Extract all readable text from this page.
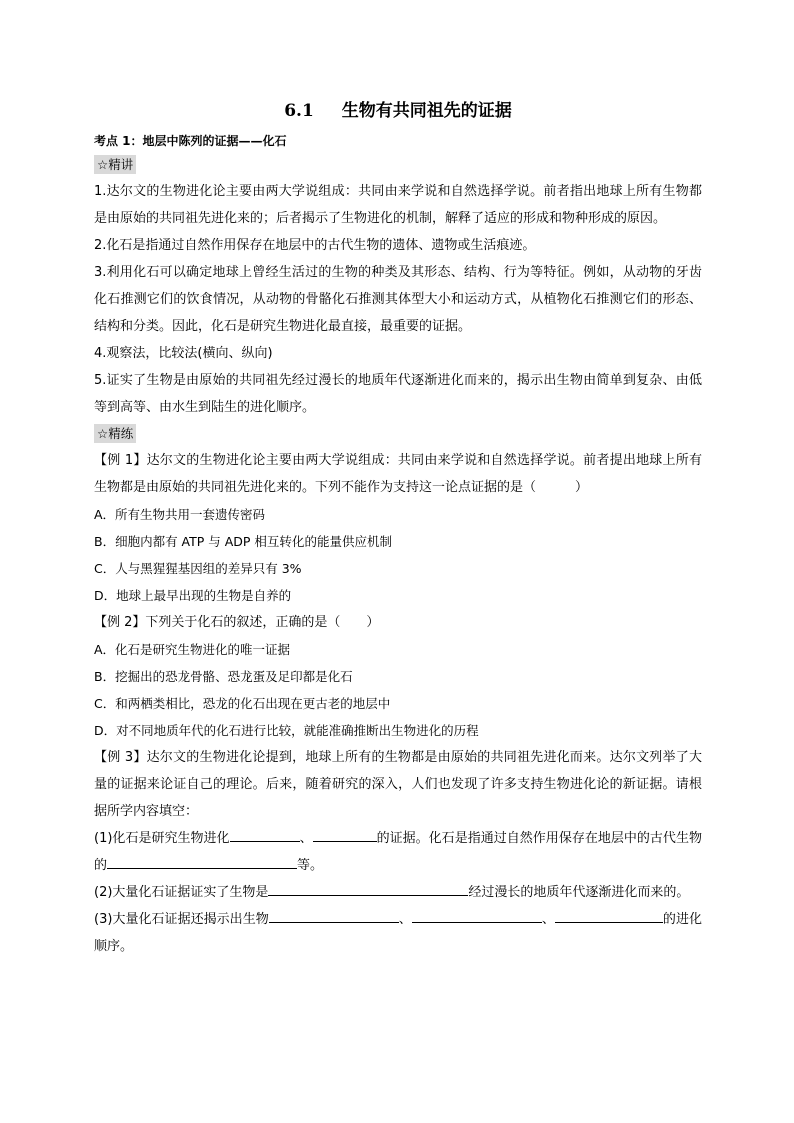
6.1 生物有共同祖先的证据
考点 1：地层中陈列的证据——化石
☆精讲

1.达尔文的生物进化论主要由两大学说组成：共同由来学说和自然选择学说。前者指出地球上所有生物都是由原始的共同祖先进化来的；后者揭示了生物进化的机制，解释了适应的形成和物种形成的原因。

2.化石是指通过自然作用保存在地层中的古代生物的遗体、遗物或生活痕迹。

3.利用化石可以确定地球上曾经生活过的生物的种类及其形态、结构、行为等特征。例如，从动物的牙齿化石推测它们的饮食情况，从动物的骨骼化石推测其体型大小和运动方式，从植物化石推测它们的形态、结构和分类。因此，化石是研究生物进化最直接，最重要的证据。

4.观察法，比较法(横向、纵向)

5.证实了生物是由原始的共同祖先经过漫长的地质年代逐渐进化而来的，揭示出生物由简单到复杂、由低等到高等、由水生到陆生的进化顺序。

☆精练

【例 1】达尔文的生物进化论主要由两大学说组成：共同由来学说和自然选择学说。前者提出地球上所有生物都是由原始的共同祖先进化来的。下列不能作为支持这一论点证据的是（　　　）

A．所有生物共用一套遗传密码

B．细胞内都有 ATP 与 ADP 相互转化的能量供应机制

C．人与黑猩猩基因组的差异只有 3%

D．地球上最早出现的生物是自养的

【例 2】下列关于化石的叙述，正确的是（　　）

A．化石是研究生物进化的唯一证据

B．挖掘出的恐龙骨骼、恐龙蛋及足印都是化石

C．和两栖类相比，恐龙的化石出现在更古老的地层中

D．对不同地质年代的化石进行比较，就能准确推断出生物进化的历程

【例 3】达尔文的生物进化论提到，地球上所有的生物都是由原始的共同祖先进化而来。达尔文列举了大量的证据来论证自己的理论。后来，随着研究的深入，人们也发现了许多支持生物进化论的新证据。请根据所学内容填空：

(1)化石是研究生物进化	、	的证据。化石是指通过自然作用保存在地层中的古代生物的	等。

(2)大量化石证据证实了生物是	经过漫长的地质年代逐渐进化而来的。

(3)大量化石证据还揭示出生物	、	、	的进化顺序。
